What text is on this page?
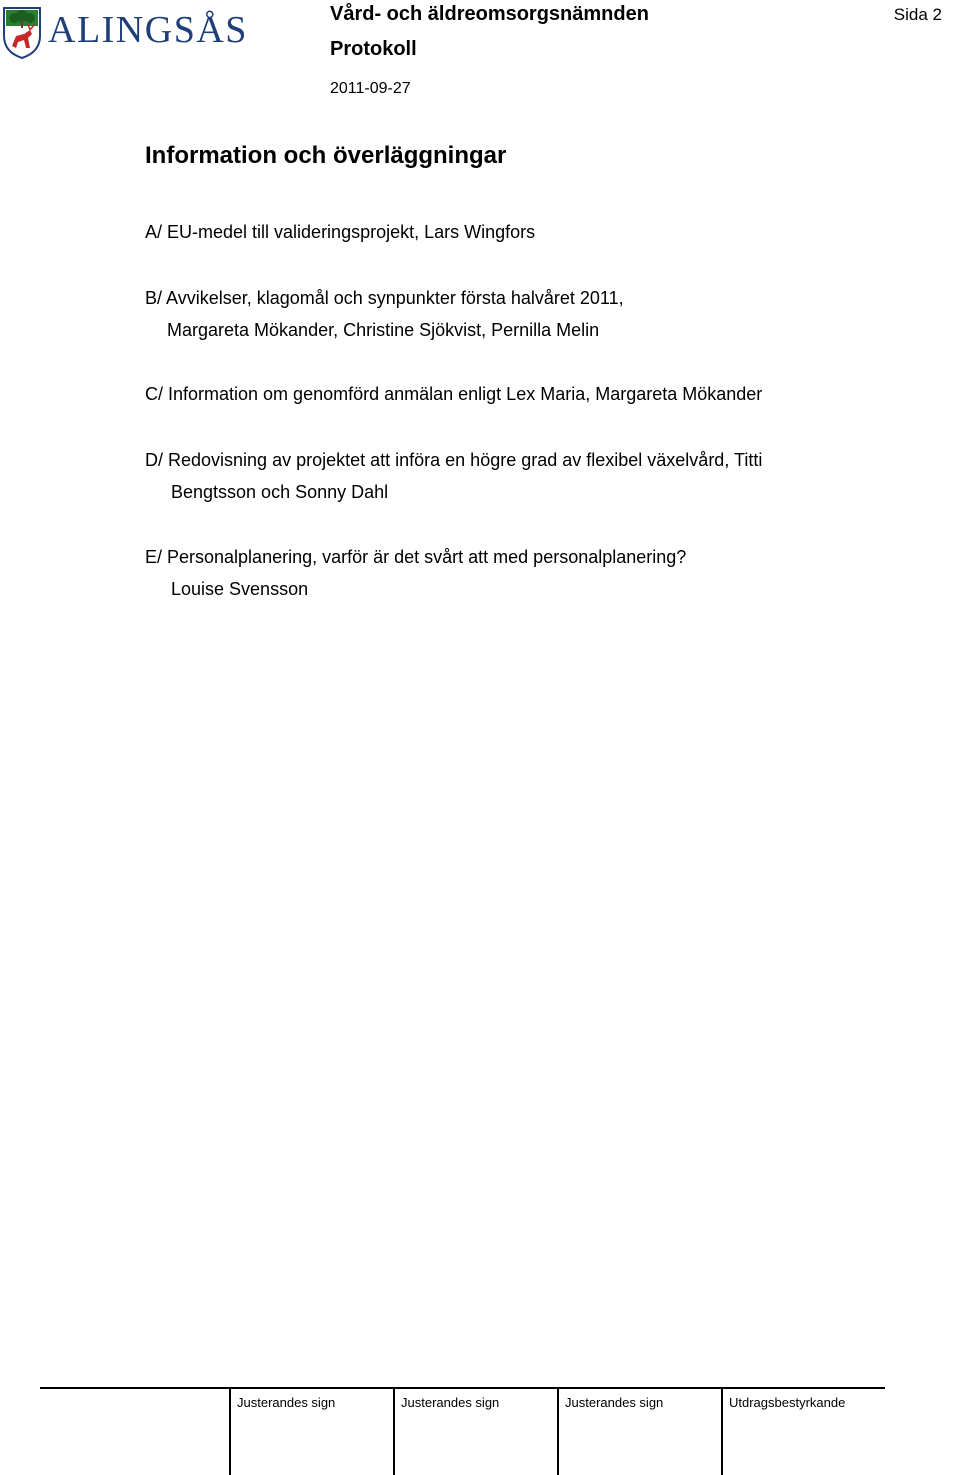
ALINGSÅS	Vård- och äldreomsorgsnämnden
Protokoll
2011-09-27
Sida 2
Information och överläggningar
A/ EU-medel till valideringsprojekt, Lars Wingfors
B/ Avvikelser, klagomål och synpunkter första halvåret 2011,
Margareta Mökander, Christine Sjökvist, Pernilla Melin
C/ Information om genomförd anmälan enligt Lex Maria, Margareta Mökander
D/ Redovisning av projektet att införa en högre grad av flexibel växelvård, Titti
Bengtsson och Sonny Dahl
E/ Personalplanering, varför är det svårt att med personalplanering?
Louise Svensson
Justerandes sign	Justerandes sign	Justerandes sign	Utdragsbestyrkande
